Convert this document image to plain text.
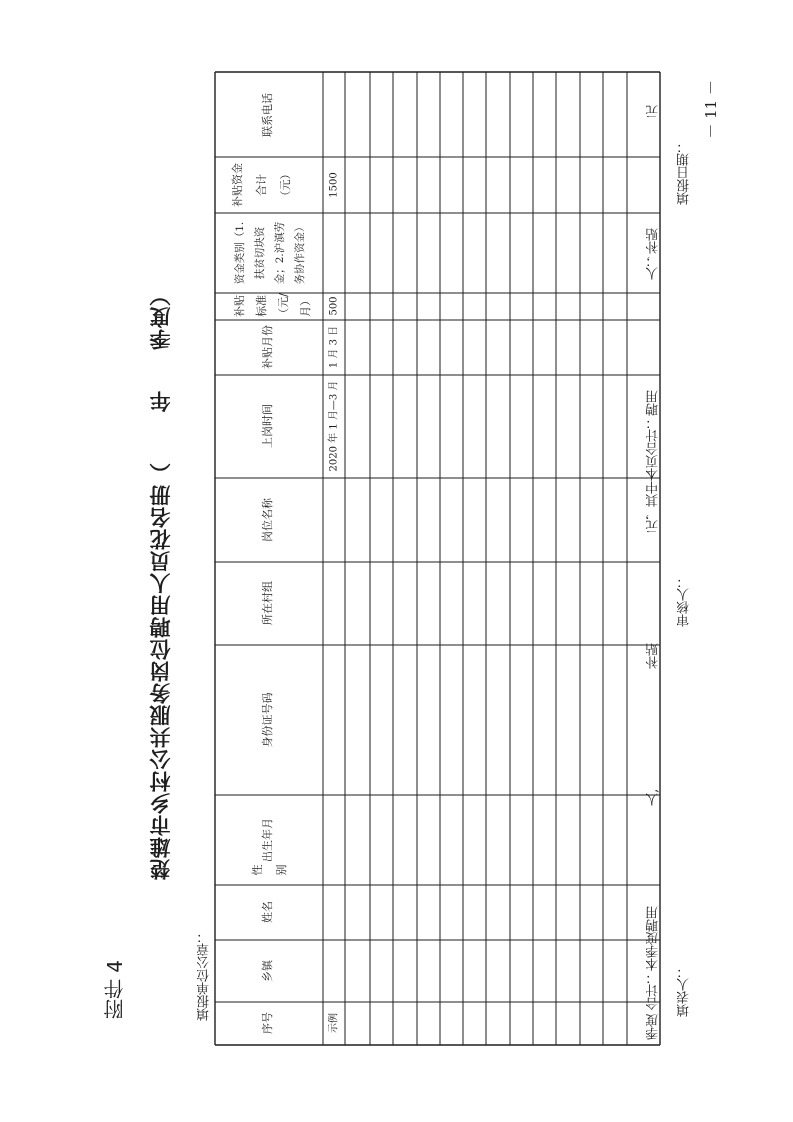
序号
乡镇
姓名
性 别
出生年月
身份证号码
所在村组
岗位名称
上岗时间
补贴月份
补贴 标准 （元/ 月）
资金类别（1. 扶贫切块资 金；2.沪滇劳 务协作资金）
补贴资金 合计 （元）
联系电话
示例
2020 年 1 月—3 月
1 月 3 日
500
1500
附件 4
楚雄市乡村公共服务岗位聘用人员花名册（年季度）
填报单位公章：	季度 合计：本季度聘用人,补贴元，其中本页合计：聘用人；补贴元
填表人：
审核人：
填报日期：
－ 11 －
